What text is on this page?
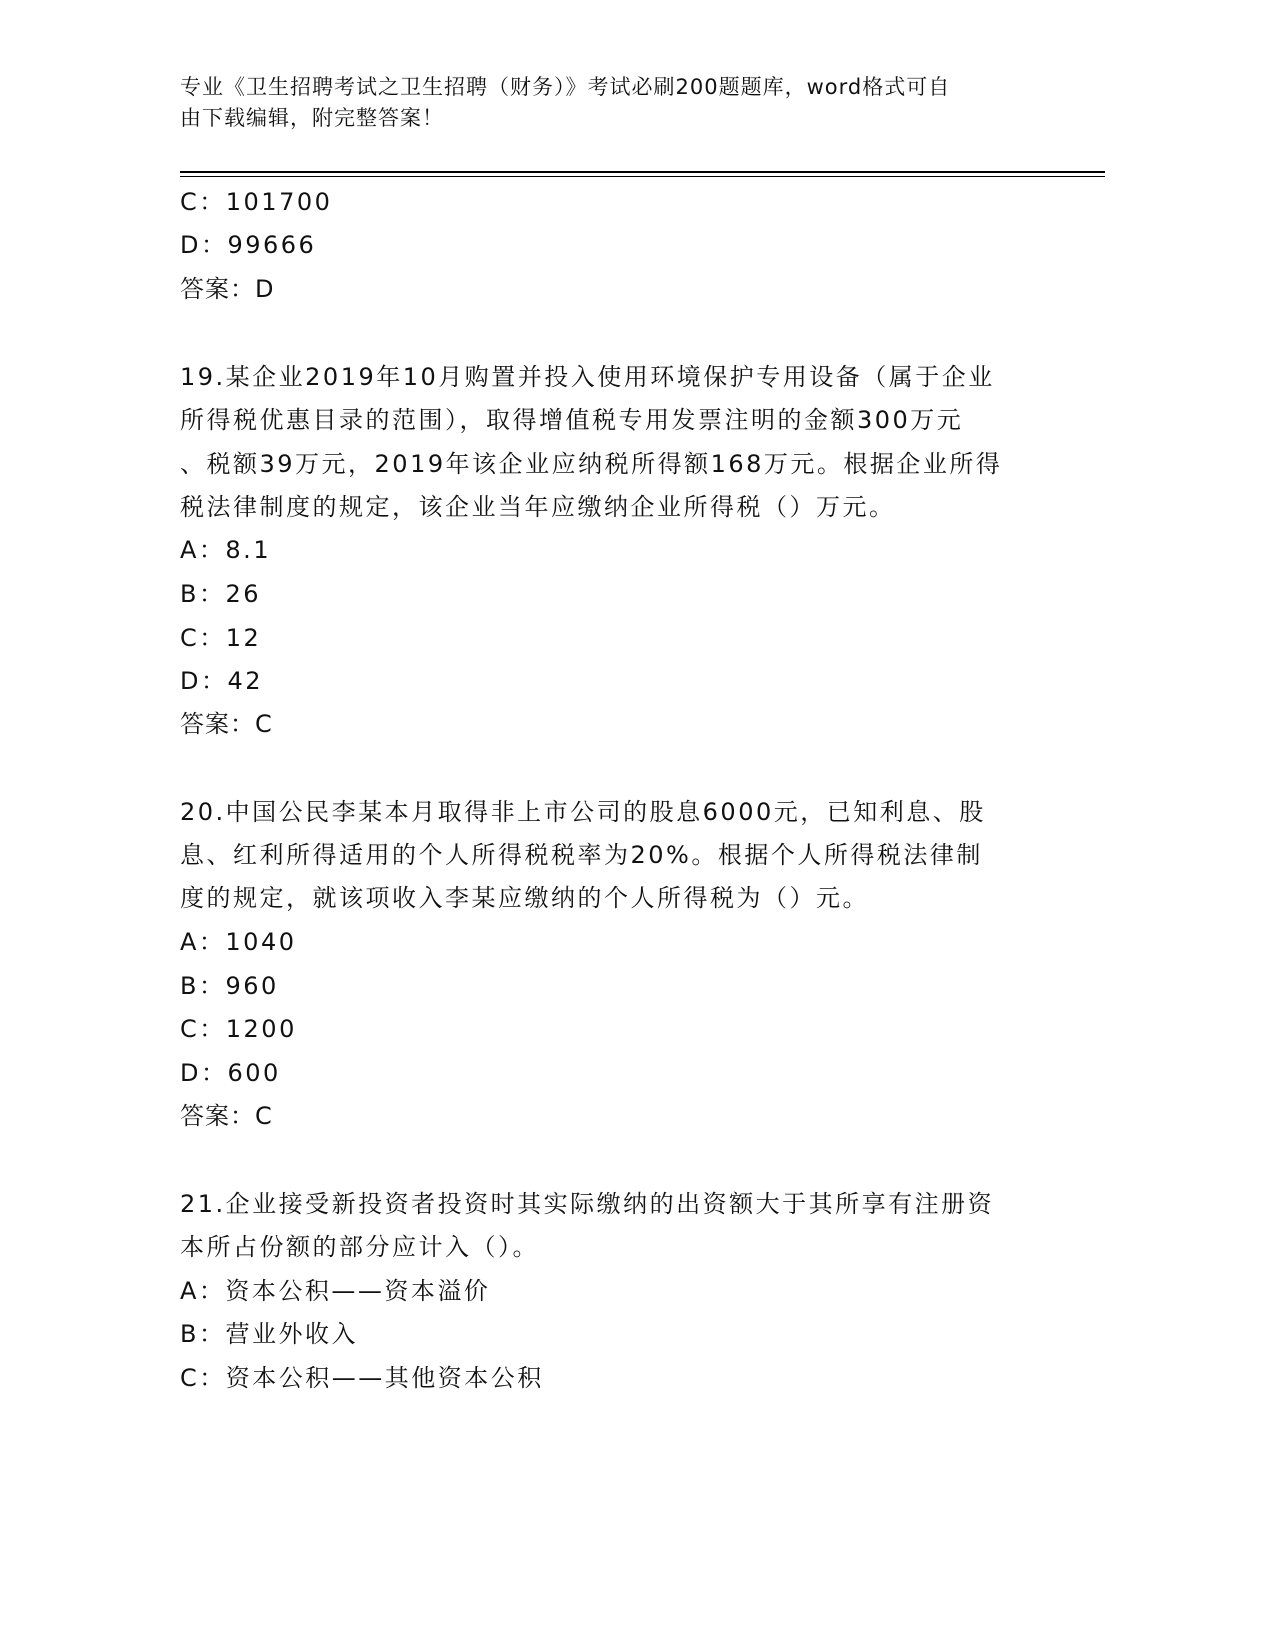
专业《卫生招聘考试之卫生招聘（财务）》考试必刷200题题库，word格式可自
由下载编辑，附完整答案！
C：101700
D：99666
答案：D
19.某企业2019年10月购置并投入使用环境保护专用设备（属于企业
所得税优惠目录的范围），取得增值税专用发票注明的金额300万元
、税额39万元，2019年该企业应纳税所得额168万元。根据企业所得
税法律制度的规定，该企业当年应缴纳企业所得税（）万元。
A：8.1
B：26
C：12
D：42
答案：C
20.中国公民李某本月取得非上市公司的股息6000元，已知利息、股
息、红利所得适用的个人所得税税率为20%。根据个人所得税法律制
度的规定，就该项收入李某应缴纳的个人所得税为（）元。
A：1040
B：960
C：1200
D：600
答案：C
21.企业接受新投资者投资时其实际缴纳的出资额大于其所享有注册资
本所占份额的部分应计入（）。
A：资本公积——资本溢价
B：营业外收入
C：资本公积——其他资本公积
